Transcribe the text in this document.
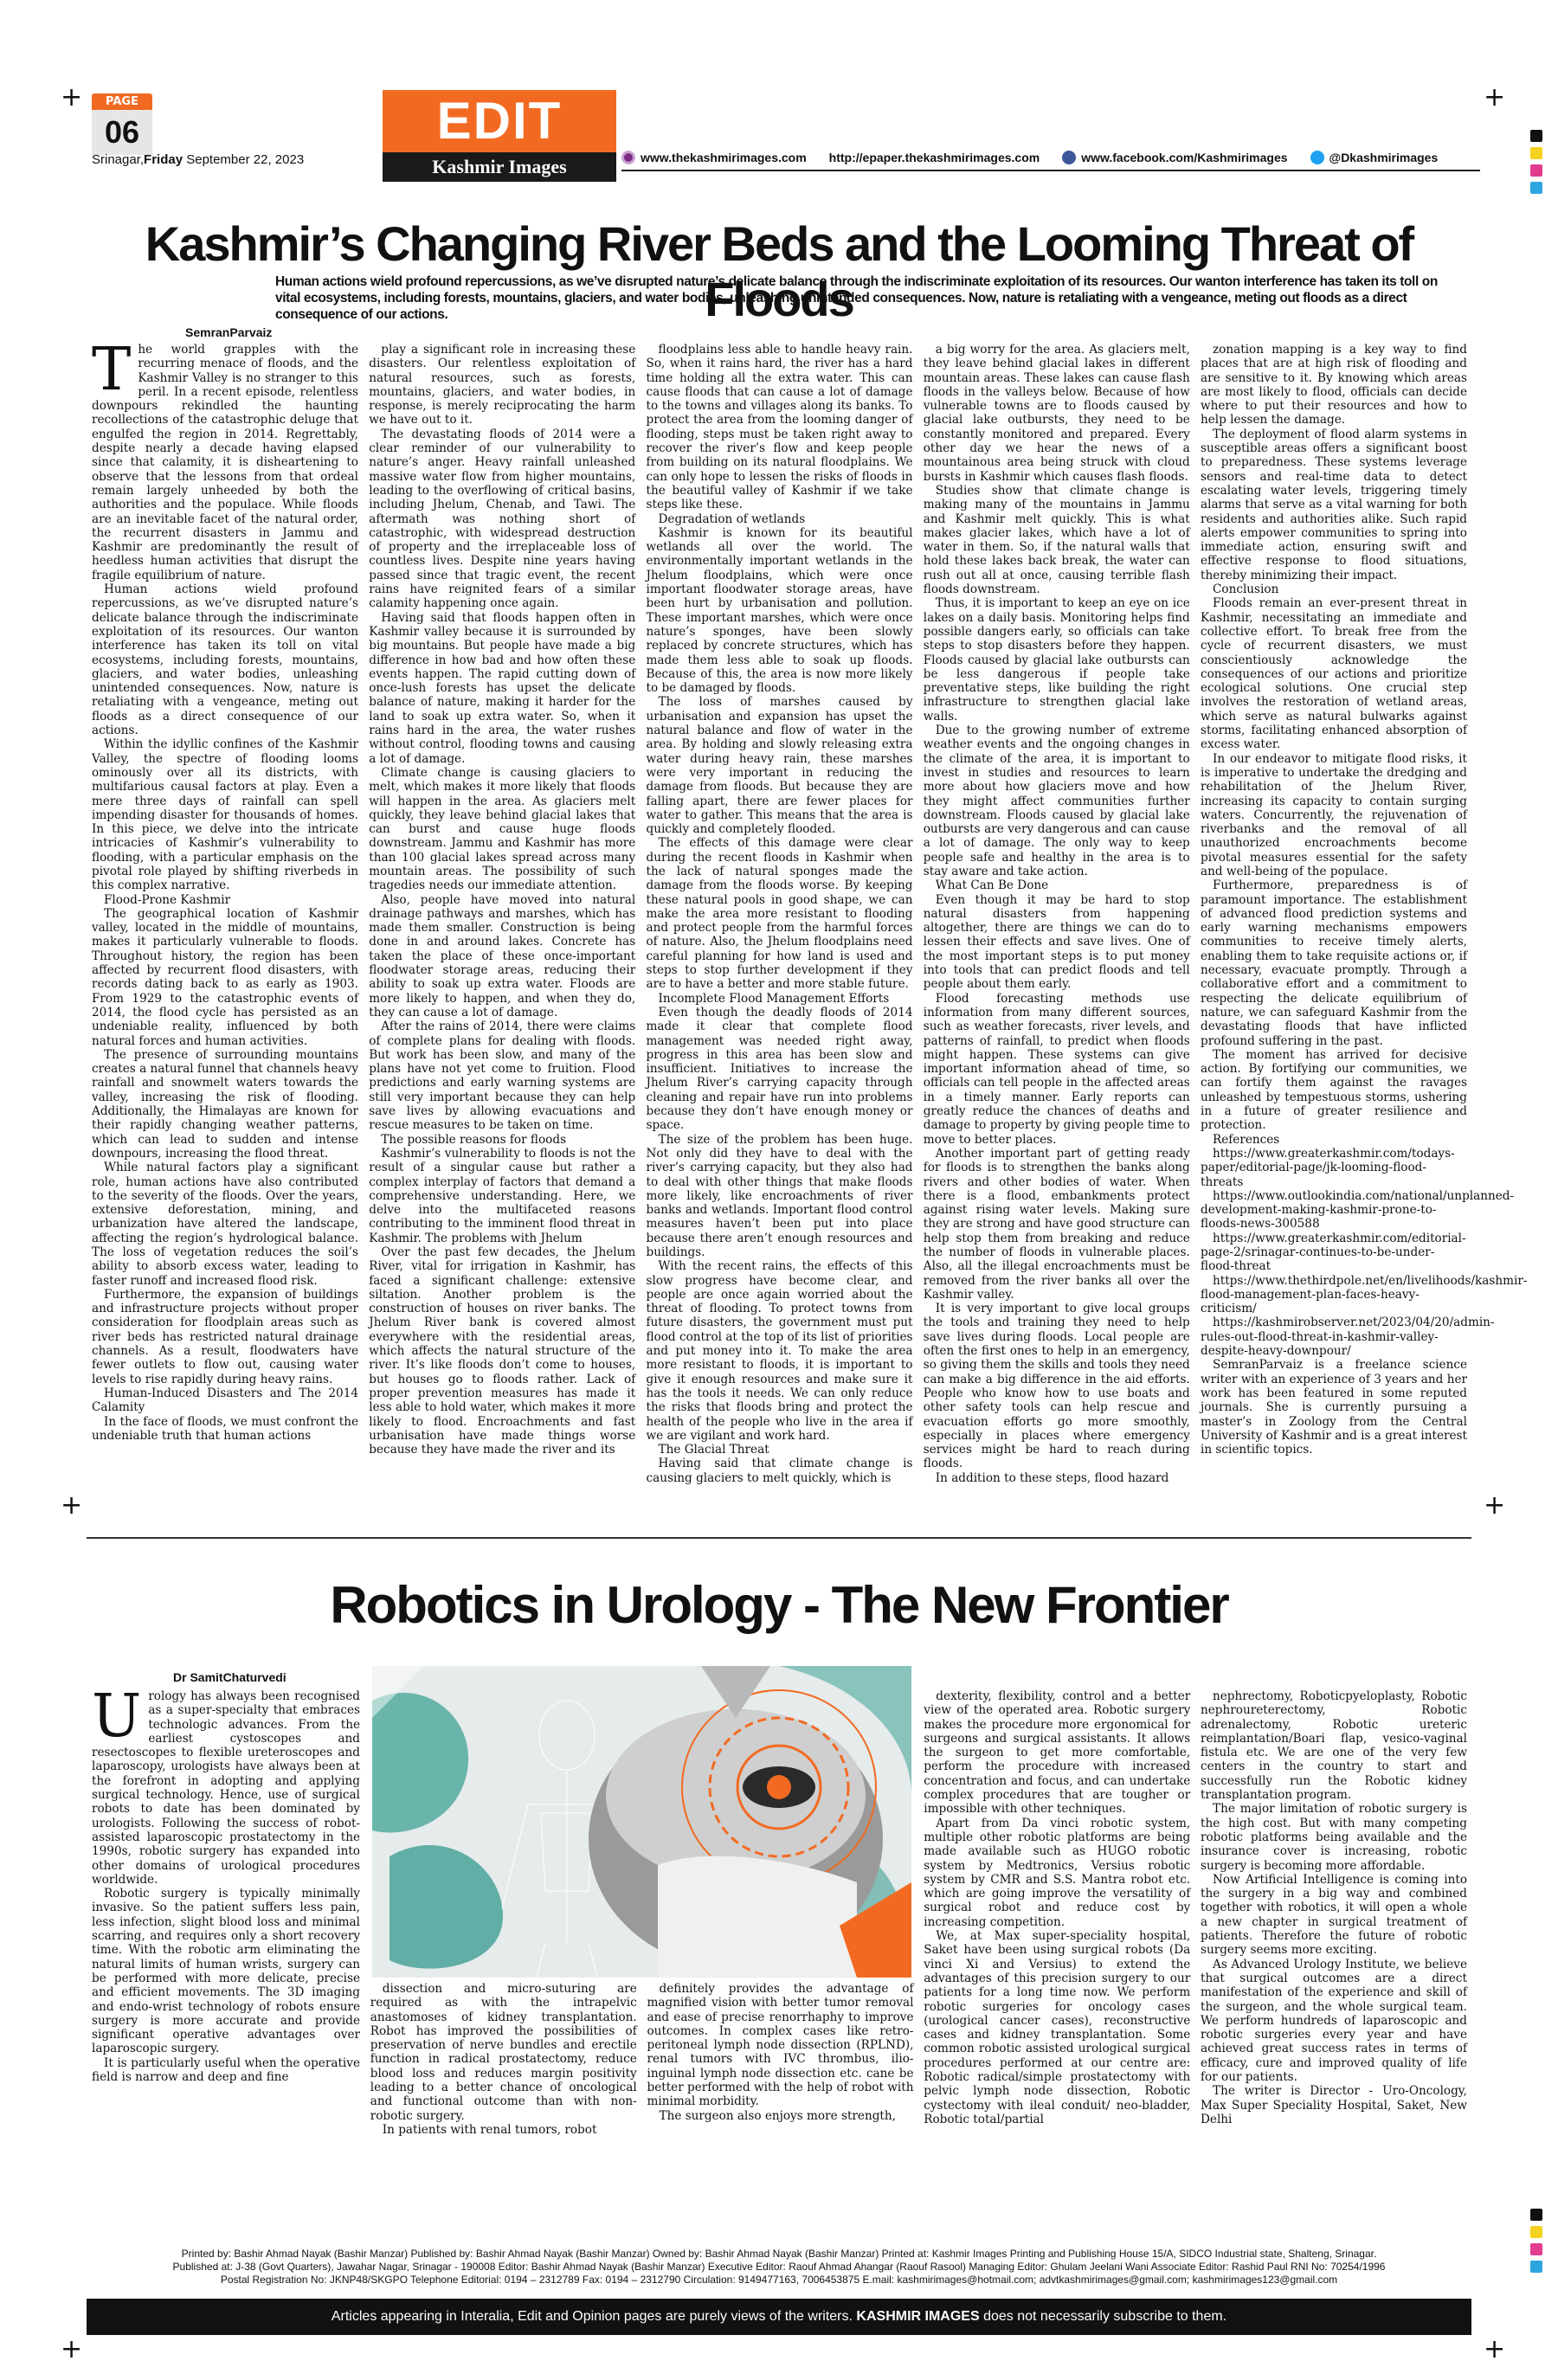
+	+
+	+
+	+
PAGE
06
Srinagar,Friday September 22, 2023
EDIT
Kashmir Images	www.thekashmirimages.com http://epaper.thekashmirimages.com	www.facebook.com/Kashmirimages	@Dkashmirimages
Kashmir’s Changing River Beds and the Looming Threat of Floods
Human actions wield profound repercussions, as we’ve disrupted nature’s delicate balance through the indiscriminate exploitation of its resources. Our wanton interference has taken its toll on vital ecosystems, including forests, mountains, glaciers, and water bodies, unleashing unintended consequences. Now, nature is retaliating with a vengeance, meting out floods as a direct consequence of our actions.
SemranParvaiz
T he world grapples with the recurring menace of floods, and the Kashmir Valley is no stranger to this peril. In a recent episode, relentless downpours rekindled the haunting recollections of the catastrophic deluge that engulfed the region in 2014. Regrettably, despite nearly a decade having elapsed since that calamity, it is disheartening to observe that the lessons from that ordeal remain largely unheeded by both the authorities and the populace. While floods are an inevitable facet of the natural order, the recurrent disasters in Jammu and Kashmir are predominantly the result of heedless human activities that disrupt the fragile equilibrium of nature.

Human actions wield profound repercussions, as we’ve disrupted nature’s delicate balance through the indiscriminate exploitation of its resources. Our wanton interference has taken its toll on vital ecosystems, including forests, mountains, glaciers, and water bodies, unleashing unintended consequences. Now, nature is retaliating with a vengeance, meting out floods as a direct consequence of our actions.

Within the idyllic confines of the Kashmir Valley, the spectre of flooding looms ominously over all its districts, with multifarious causal factors at play. Even a mere three days of rainfall can spell impending disaster for thousands of homes. In this piece, we delve into the intricate intricacies of Kashmir’s vulnerability to flooding, with a particular emphasis on the pivotal role played by shifting riverbeds in this complex narrative.

Flood-Prone Kashmir

The geographical location of Kashmir valley, located in the middle of mountains, makes it particularly vulnerable to floods. Throughout history, the region has been affected by recurrent flood disasters, with records dating back to as early as 1903. From 1929 to the catastrophic events of 2014, the flood cycle has persisted as an undeniable reality, influenced by both natural forces and human activities.

The presence of surrounding mountains creates a natural funnel that channels heavy rainfall and snowmelt waters towards the valley, increasing the risk of flooding. Additionally, the Himalayas are known for their rapidly changing weather patterns, which can lead to sudden and intense downpours, increasing the flood threat.

While natural factors play a significant role, human actions have also contributed to the severity of the floods. Over the years, extensive deforestation, mining, and urbanization have altered the landscape, affecting the region’s hydrological balance. The loss of vegetation reduces the soil’s ability to absorb excess water, leading to faster runoff and increased flood risk.

Furthermore, the expansion of buildings and infrastructure projects without proper consideration for floodplain areas such as river beds has restricted natural drainage channels. As a result, floodwaters have fewer outlets to flow out, causing water levels to rise rapidly during heavy rains.

Human-Induced Disasters and The 2014 Calamity

In the face of floods, we must confront the undeniable truth that human actions

play a significant role in increasing these disasters. Our relentless exploitation of natural resources, such as forests, mountains, glaciers, and water bodies, in response, is merely reciprocating the harm we have out to it.

The devastating floods of 2014 were a clear reminder of our vulnerability to nature’s anger. Heavy rainfall unleashed massive water flow from higher mountains, leading to the overflowing of critical basins, including Jhelum, Chenab, and Tawi. The aftermath was nothing short of catastrophic, with widespread destruction of property and the irreplaceable loss of countless lives. Despite nine years having passed since that tragic event, the recent rains have reignited fears of a similar calamity happening once again.

Having said that floods happen often in Kashmir valley because it is surrounded by big mountains. But people have made a big difference in how bad and how often these events happen. The rapid cutting down of once-lush forests has upset the delicate balance of nature, making it harder for the land to soak up extra water. So, when it rains hard in the area, the water rushes without control, flooding towns and causing a lot of damage.

Climate change is causing glaciers to melt, which makes it more likely that floods will happen in the area. As glaciers melt quickly, they leave behind glacial lakes that can burst and cause huge floods downstream. Jammu and Kashmir has more than 100 glacial lakes spread across many mountain areas. The possibility of such tragedies needs our immediate attention.

Also, people have moved into natural drainage pathways and marshes, which has made them smaller. Construction is being done in and around lakes. Concrete has taken the place of these once-important floodwater storage areas, reducing their ability to soak up extra water. Floods are more likely to happen, and when they do, they can cause a lot of damage.

After the rains of 2014, there were claims of complete plans for dealing with floods. But work has been slow, and many of the plans have not yet come to fruition. Flood predictions and early warning systems are still very important because they can help save lives by allowing evacuations and rescue measures to be taken on time.

The possible reasons for floods

Kashmir’s vulnerability to floods is not the result of a singular cause but rather a complex interplay of factors that demand a comprehensive understanding. Here, we delve into the multifaceted reasons contributing to the imminent flood threat in Kashmir. The problems with Jhelum

Over the past few decades, the Jhelum River, vital for irrigation in Kashmir, has faced a significant challenge: extensive siltation. Another problem is the construction of houses on river banks. The Jhelum River bank is covered almost everywhere with the residential areas, which affects the natural structure of the river. It’s like floods don’t come to houses, but houses go to floods rather. Lack of proper prevention measures has made it less able to hold water, which makes it more likely to flood. Encroachments and fast urbanisation have made things worse because they have made the river and its

floodplains less able to handle heavy rain. So, when it rains hard, the river has a hard time holding all the extra water. This can cause floods that can cause a lot of damage to the towns and villages along its banks. To protect the area from the looming danger of flooding, steps must be taken right away to recover the river’s flow and keep people from building on its natural floodplains. We can only hope to lessen the risks of floods in the beautiful valley of Kashmir if we take steps like these.

Degradation of wetlands

Kashmir is known for its beautiful wetlands all over the world. The environmentally important wetlands in the Jhelum floodplains, which were once important floodwater storage areas, have been hurt by urbanisation and pollution. These important marshes, which were once nature’s sponges, have been slowly replaced by concrete structures, which has made them less able to soak up floods. Because of this, the area is now more likely to be damaged by floods.

The loss of marshes caused by urbanisation and expansion has upset the natural balance and flow of water in the area. By holding and slowly releasing extra water during heavy rain, these marshes were very important in reducing the damage from floods. But because they are falling apart, there are fewer places for water to gather. This means that the area is quickly and completely flooded.

The effects of this damage were clear during the recent floods in Kashmir when the lack of natural sponges made the damage from the floods worse. By keeping these natural pools in good shape, we can make the area more resistant to flooding and protect people from the harmful forces of nature. Also, the Jhelum floodplains need careful planning for how land is used and steps to stop further development if they are to have a better and more stable future.

Incomplete Flood Management Efforts

Even though the deadly floods of 2014 made it clear that complete flood management was needed right away, progress in this area has been slow and insufficient. Initiatives to increase the Jhelum River’s carrying capacity through cleaning and repair have run into problems because they don’t have enough money or space.

The size of the problem has been huge. Not only did they have to deal with the river’s carrying capacity, but they also had to deal with other things that make floods more likely, like encroachments of river banks and wetlands. Important flood control measures haven’t been put into place because there aren’t enough resources and buildings.

With the recent rains, the effects of this slow progress have become clear, and people are once again worried about the threat of flooding. To protect towns from future disasters, the government must put flood control at the top of its list of priorities and put money into it. To make the area more resistant to floods, it is important to give it enough resources and make sure it has the tools it needs. We can only reduce the risks that floods bring and protect the health of the people who live in the area if we are vigilant and work hard.

The Glacial Threat

Having said that climate change is causing glaciers to melt quickly, which is

a big worry for the area. As glaciers melt, they leave behind glacial lakes in different mountain areas. These lakes can cause flash floods in the valleys below. Because of how vulnerable towns are to floods caused by glacial lake outbursts, they need to be constantly monitored and prepared. Every other day we hear the news of a mountainous area being struck with cloud bursts in Kashmir which causes flash floods.

Studies show that climate change is making many of the mountains in Jammu and Kashmir melt quickly. This is what makes glacier lakes, which have a lot of water in them. So, if the natural walls that hold these lakes back break, the water can rush out all at once, causing terrible flash floods downstream.

Thus, it is important to keep an eye on ice lakes on a daily basis. Monitoring helps find possible dangers early, so officials can take steps to stop disasters before they happen. Floods caused by glacial lake outbursts can be less dangerous if people take preventative steps, like building the right infrastructure to strengthen glacial lake walls.

Due to the growing number of extreme weather events and the ongoing changes in the climate of the area, it is important to invest in studies and resources to learn more about how glaciers move and how they might affect communities further downstream. Floods caused by glacial lake outbursts are very dangerous and can cause a lot of damage. The only way to keep people safe and healthy in the area is to stay aware and take action.

What Can Be Done

Even though it may be hard to stop natural disasters from happening altogether, there are things we can do to lessen their effects and save lives. One of the most important steps is to put money into tools that can predict floods and tell people about them early.

Flood forecasting methods use information from many different sources, such as weather forecasts, river levels, and patterns of rainfall, to predict when floods might happen. These systems can give important information ahead of time, so officials can tell people in the affected areas in a timely manner. Early reports can greatly reduce the chances of deaths and damage to property by giving people time to move to better places.

Another important part of getting ready for floods is to strengthen the banks along rivers and other bodies of water. When there is a flood, embankments protect against rising water levels. Making sure they are strong and have good structure can help stop them from breaking and reduce the number of floods in vulnerable places. Also, all the illegal encroachments must be removed from the river banks all over the Kashmir valley.

It is very important to give local groups the tools and training they need to help save lives during floods. Local people are often the first ones to help in an emergency, so giving them the skills and tools they need can make a big difference in the aid efforts. People who know how to use boats and other safety tools can help rescue and evacuation efforts go more smoothly, especially in places where emergency services might be hard to reach during floods.

In addition to these steps, flood hazard

zonation mapping is a key way to find places that are at high risk of flooding and are sensitive to it. By knowing which areas are most likely to flood, officials can decide where to put their resources and how to help lessen the damage.

The deployment of flood alarm systems in susceptible areas offers a significant boost to preparedness. These systems leverage sensors and real-time data to detect escalating water levels, triggering timely alarms that serve as a vital warning for both residents and authorities alike. Such rapid alerts empower communities to spring into immediate action, ensuring swift and effective response to flood situations, thereby minimizing their impact.

Conclusion

Floods remain an ever-present threat in Kashmir, necessitating an immediate and collective effort. To break free from the cycle of recurrent disasters, we must conscientiously acknowledge the consequences of our actions and prioritize ecological solutions. One crucial step involves the restoration of wetland areas, which serve as natural bulwarks against storms, facilitating enhanced absorption of excess water.

In our endeavor to mitigate flood risks, it is imperative to undertake the dredging and rehabilitation of the Jhelum River, increasing its capacity to contain surging waters. Concurrently, the rejuvenation of riverbanks and the removal of all unauthorized encroachments become pivotal measures essential for the safety and well-being of the populace.

Furthermore, preparedness is of paramount importance. The establishment of advanced flood prediction systems and early warning mechanisms empowers communities to receive timely alerts, enabling them to take requisite actions or, if necessary, evacuate promptly. Through a collaborative effort and a commitment to respecting the delicate equilibrium of nature, we can safeguard Kashmir from the devastating floods that have inflicted profound suffering in the past.

The moment has arrived for decisive action. By fortifying our communities, we can fortify them against the ravages unleashed by tempestuous storms, ushering in a future of greater resilience and protection.

References

https://www.greaterkashmir.com/todays-paper/editorial-page/jk-looming-flood-threats

https://www.outlookindia.com/national/unplanned-development-making-kashmir-prone-to-floods-news-300588

https://www.greaterkashmir.com/editorial-page-2/srinagar-continues-to-be-under-flood-threat

https://www.thethirdpole.net/en/livelihoods/kashmir-flood-management-plan-faces-heavy-criticism/

https://kashmirobserver.net/2023/04/20/admin-rules-out-flood-threat-in-kashmir-valley-despite-heavy-downpour/

SemranParvaiz is a freelance science writer with an experience of 3 years and her work has been featured in some reputed journals. She is currently pursuing a master’s in Zoology from the Central University of Kashmir and is a great interest in scientific topics.

Robotics in Urology - The New Frontier
Dr SamitChaturvedi
U rology has always been recognised as a super-specialty that embraces technologic advances. From the earliest cystoscopes and resectoscopes to flexible ureteroscopes and laparoscopy, urologists have always been at the forefront in adopting and applying surgical technology. Hence, use of surgical robots to date has been dominated by urologists. Following the success of robot-assisted laparoscopic prostatectomy in the 1990s, robotic surgery has expanded into other domains of urological procedures worldwide.

Robotic surgery is typically minimally invasive. So the patient suffers less pain, less infection, slight blood loss and minimal scarring, and requires only a short recovery time. With the robotic arm eliminating the natural limits of human wrists, surgery can be performed with more delicate, precise and efficient movements. The 3D imaging and endo-wrist technology of robots ensure surgery is more accurate and provide significant operative advantages over laparoscopic surgery.

It is particularly useful when the operative field is narrow and deep and fine

dissection and micro-suturing are required as with the intrapelvic anastomoses of kidney transplantation. Robot has improved the possibilities of preservation of nerve bundles and erectile function in radical prostatectomy, reduce blood loss and reduces margin positivity leading to a better chance of oncological and functional outcome than with non-robotic surgery.

In patients with renal tumors, robot

definitely provides the advantage of magnified vision with better tumor removal and ease of precise renorrhaphy to improve outcomes. In complex cases like retro-peritoneal lymph node dissection (RPLND), renal tumors with IVC thrombus, ilio-inguinal lymph node dissection etc. cane be better performed with the help of robot with minimal morbidity.

The surgeon also enjoys more strength,

dexterity, flexibility, control and a better view of the operated area. Robotic surgery makes the procedure more ergonomical for surgeons and surgical assistants. It allows the surgeon to get more comfortable, perform the procedure with increased concentration and focus, and can undertake complex procedures that are tougher or impossible with other techniques.

Apart from Da vinci robotic system, multiple other robotic platforms are being made available such as HUGO robotic system by Medtronics, Versius robotic system by CMR and S.S. Mantra robot etc. which are going improve the versatility of surgical robot and reduce cost by increasing competition.

We, at Max super-speciality hospital, Saket have been using surgical robots (Da vinci Xi and Versius) to extend the advantages of this precision surgery to our patients for a long time now. We perform robotic surgeries for oncology cases (urological cancer cases), reconstructive cases and kidney transplantation. Some common robotic assisted urological surgical procedures performed at our centre are: Robotic radical/simple prostatectomy with pelvic lymph node dissection, Robotic cystectomy with ileal conduit/ neo-bladder, Robotic total/partial

nephrectomy, Roboticpyeloplasty, Robotic nephroureterectomy, Robotic adrenalectomy, Robotic ureteric reimplantation/Boari flap, vesico-vaginal fistula etc. We are one of the very few centers in the country to start and successfully run the Robotic kidney transplantation program.

The major limitation of robotic surgery is the high cost. But with many competing robotic platforms being available and the insurance cover is increasing, robotic surgery is becoming more affordable.

Now Artificial Intelligence is coming into the surgery in a big way and combined together with robotics, it will open a whole a new chapter in surgical treatment of patients. Therefore the future of robotic surgery seems more exciting.

As Advanced Urology Institute, we believe that surgical outcomes are a direct manifestation of the experience and skill of the surgeon, and the whole surgical team. We perform hundreds of laparoscopic and robotic surgeries every year and have achieved great success rates in terms of efficacy, cure and improved quality of life for our patients.

The writer is Director - Uro-Oncology, Max Super Speciality Hospital, Saket, New Delhi

Printed by: Bashir Ahmad Nayak (Bashir Manzar) Published by: Bashir Ahmad Nayak (Bashir Manzar) Owned by: Bashir Ahmad Nayak (Bashir Manzar) Printed at: Kashmir Images Printing and Publishing House 15/A, SIDCO Industrial state, Shalteng, Srinagar.
Published at: J-38 (Govt Quarters), Jawahar Nagar, Srinagar - 190008 Editor: Bashir Ahmad Nayak (Bashir Manzar) Executive Editor: Raouf Ahmad Ahangar (Raouf Rasool) Managing Editor: Ghulam Jeelani Wani Associate Editor: Rashid Paul RNI No: 70254/1996
Postal Registration No: JKNP48/SKGPO Telephone Editorial: 0194 – 2312789 Fax: 0194 – 2312790 Circulation: 9149477163, 7006453875 E.mail: kashmirimages@hotmail.com; advtkashmirimages@gmail.com; kashmirimages123@gmail.com
Articles appearing in Interalia, Edit and Opinion pages are purely views of the writers. KASHMIR IMAGES does not necessarily subscribe to them.
